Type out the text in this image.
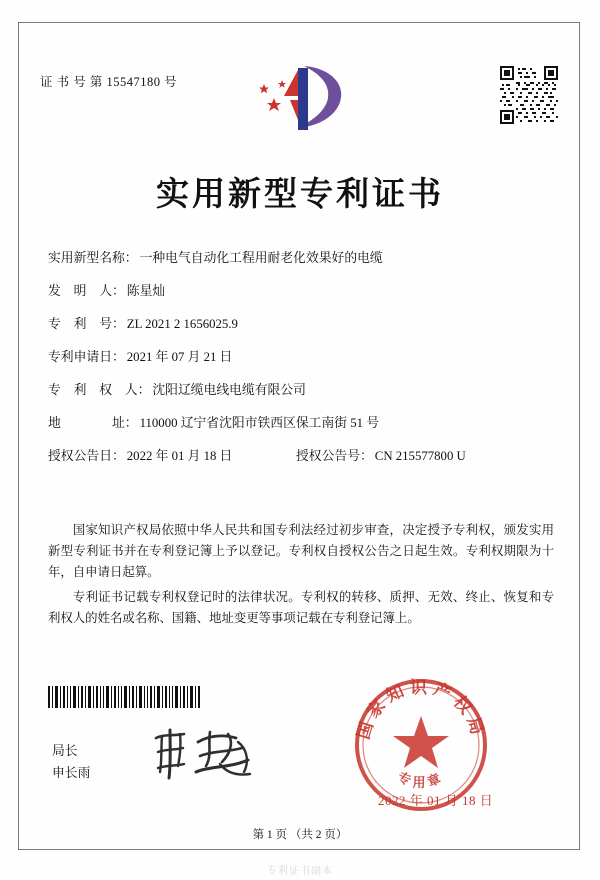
证 书 号 第 15547180 号
实用新型专利证书
实用新型名称： 一种电气自动化工程用耐老化效果好的电缆
发　明　人： 陈星灿
专　利　号： ZL 2021 2 1656025.9
专利申请日： 2021 年 07 月 21 日
专　利　权　人： 沈阳辽缆电线电缆有限公司
地　　　　址： 110000 辽宁省沈阳市铁西区保工南街 51 号
授权公告日： 2022 年 01 月 18 日	授权公告号： CN 215577800 U

国家知识产权局依照中华人民共和国专利法经过初步审查，决定授予专利权，颁发实用新型专利证书并在专利登记簿上予以登记。专利权自授权公告之日起生效。专利权期限为十年，自申请日起算。

专利证书记载专利权登记时的法律状况。专利权的转移、质押、无效、终止、恢复和专利权人的姓名或名称、国籍、地址变更等事项记载在专利登记簿上。

局长
申长雨
国家知识产权局
专用章
2022 年 01 月 18 日
第 1 页 （共 2 页）
专利证书副本
